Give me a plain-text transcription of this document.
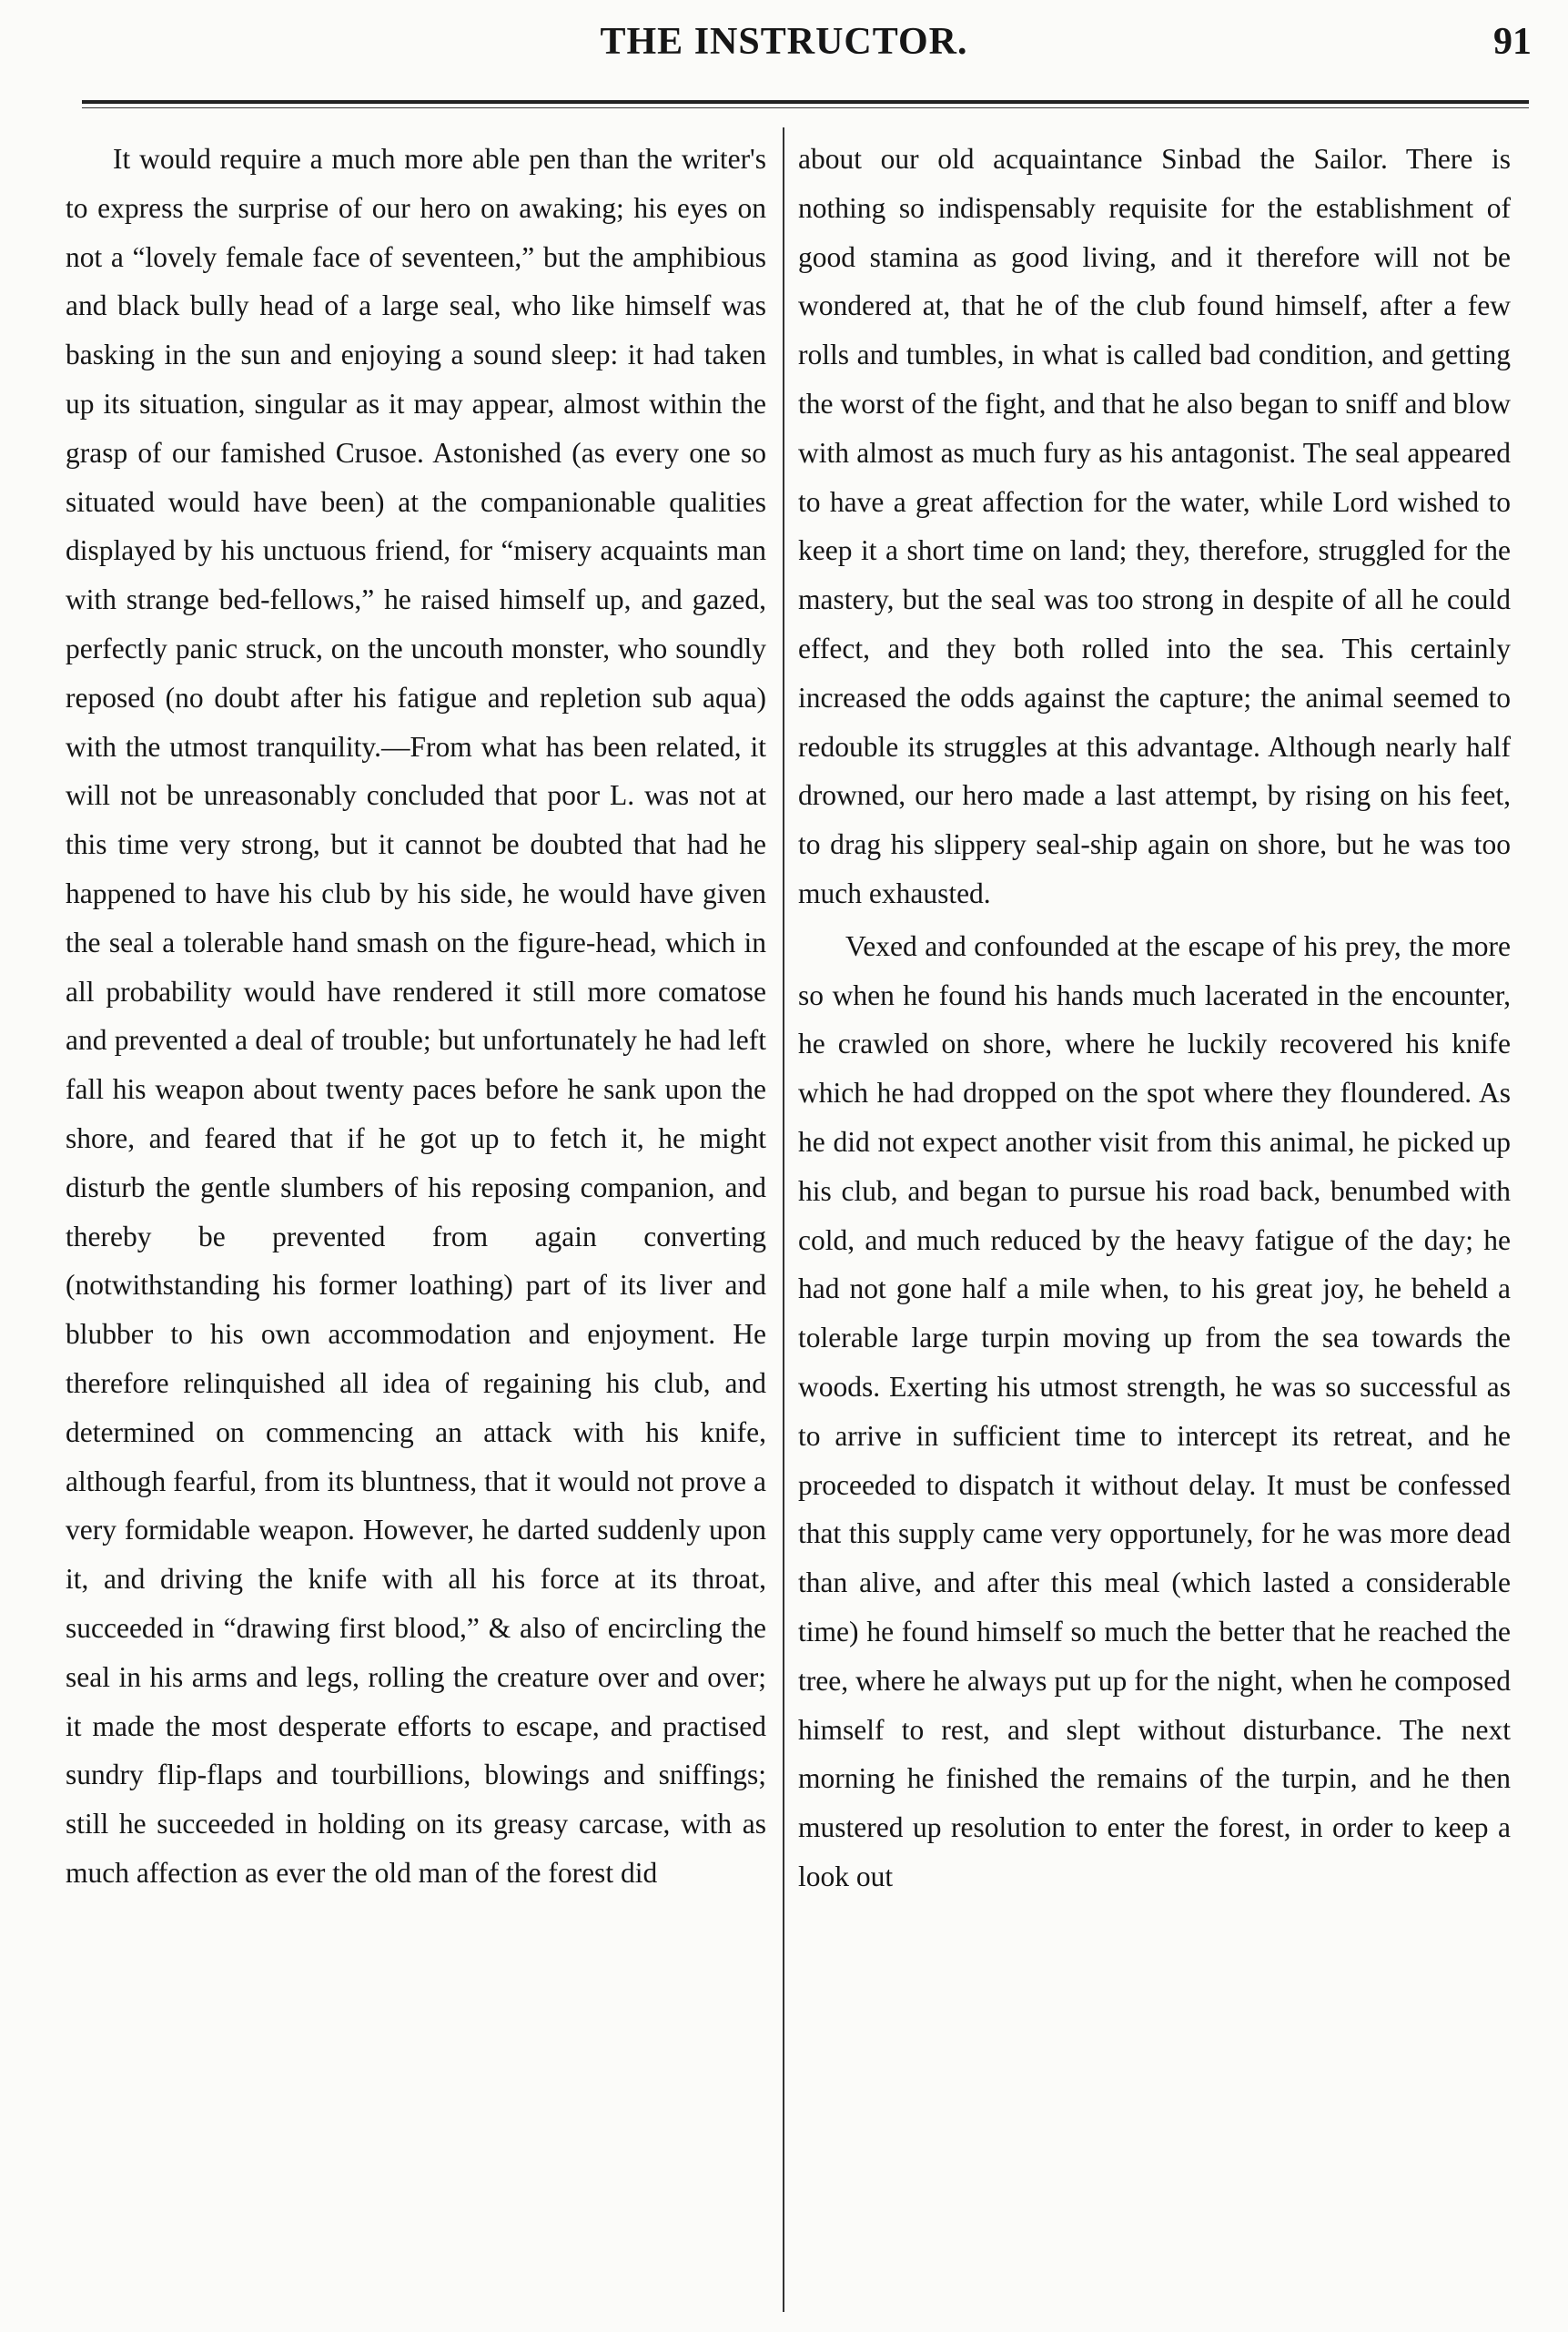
THE INSTRUCTOR.	91

It would require a much more able pen than the writer's to express the surprise of our hero on awaking; his eyes on not a “lovely female face of seventeen,” but the amphibious and black bully head of a large seal, who like himself was basking in the sun and enjoying a sound sleep: it had taken up its situation, singular as it may appear, almost within the grasp of our famished Crusoe. Astonished (as every one so situated would have been) at the companionable qualities displayed by his unctuous friend, for “misery acquaints man with strange bed-fellows,” he raised himself up, and gazed, perfectly panic struck, on the uncouth monster, who soundly reposed (no doubt after his fatigue and repletion sub aqua) with the utmost tranquility.—From what has been related, it will not be unreasonably concluded that poor L. was not at this time very strong, but it cannot be doubted that had he happened to have his club by his side, he would have given the seal a tolerable hand smash on the figure-head, which in all probability would have rendered it still more comatose and prevented a deal of trouble; but unfortunately he had left fall his weapon about twenty paces before he sank upon the shore, and feared that if he got up to fetch it, he might disturb the gentle slumbers of his reposing companion, and thereby be prevented from again converting (notwithstanding his former loathing) part of its liver and blubber to his own accommodation and enjoyment. He therefore relinquished all idea of regaining his club, and determined on commencing an attack with his knife, although fearful, from its bluntness, that it would not prove a very formidable weapon. However, he darted suddenly upon it, and driving the knife with all his force at its throat, succeeded in “drawing first blood,” & also of encircling the seal in his arms and legs, rolling the creature over and over; it made the most desperate efforts to escape, and practised sundry flip-flaps and tourbillions, blowings and sniffings; still he succeeded in holding on its greasy carcase, with as much affection as ever the old man of the forest did

about our old acquaintance Sinbad the Sailor. There is nothing so indispensably requisite for the establishment of good stamina as good living, and it therefore will not be wondered at, that he of the club found himself, after a few rolls and tumbles, in what is called bad condition, and getting the worst of the fight, and that he also began to sniff and blow with almost as much fury as his antagonist. The seal appeared to have a great affection for the water, while Lord wished to keep it a short time on land; they, therefore, struggled for the mastery, but the seal was too strong in despite of all he could effect, and they both rolled into the sea. This certainly increased the odds against the capture; the animal seemed to redouble its struggles at this advantage. Although nearly half drowned, our hero made a last attempt, by rising on his feet, to drag his slippery seal-ship again on shore, but he was too much exhausted.

Vexed and confounded at the escape of his prey, the more so when he found his hands much lacerated in the encounter, he crawled on shore, where he luckily recovered his knife which he had dropped on the spot where they floundered. As he did not expect another visit from this animal, he picked up his club, and began to pursue his road back, benumbed with cold, and much reduced by the heavy fatigue of the day; he had not gone half a mile when, to his great joy, he beheld a tolerable large turpin moving up from the sea towards the woods. Exerting his utmost strength, he was so successful as to arrive in sufficient time to intercept its retreat, and he proceeded to dispatch it without delay. It must be confessed that this supply came very opportunely, for he was more dead than alive, and after this meal (which lasted a considerable time) he found himself so much the better that he reached the tree, where he always put up for the night, when he composed himself to rest, and slept without disturbance. The next morning he finished the remains of the turpin, and he then mustered up resolution to enter the forest, in order to keep a look out
